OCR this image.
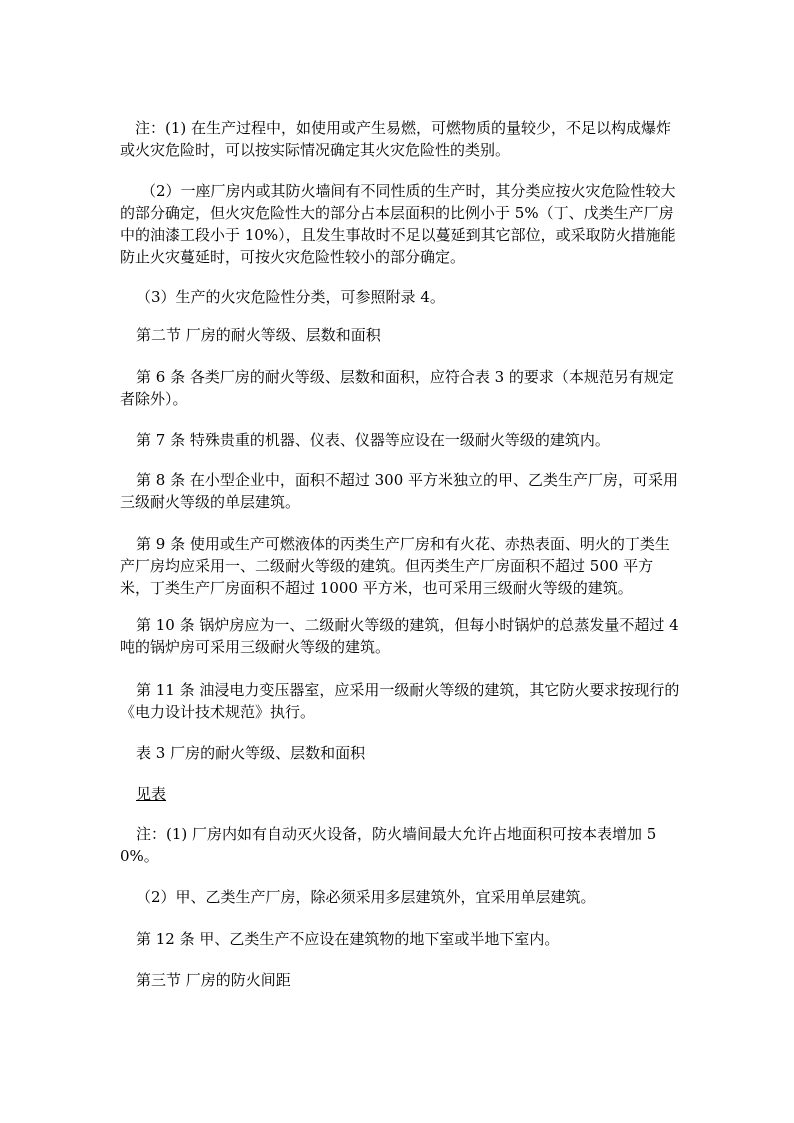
注：(1) 在生产过程中，如使用或产生易燃，可燃物质的量较少，不足以构成爆炸或火灾危险时，可以按实际情况确定其火灾危险性的类别。

（2）一座厂房内或其防火墙间有不同性质的生产时，其分类应按火灾危险性较大的部分确定，但火灾危险性大的部分占本层面积的比例小于 5%（丁、戊类生产厂房中的油漆工段小于 10%），且发生事故时不足以蔓延到其它部位，或采取防火措施能防止火灾蔓延时，可按火灾危险性较小的部分确定。

（3）生产的火灾危险性分类，可参照附录 4。

第二节 厂房的耐火等级、层数和面积

第 6 条 各类厂房的耐火等级、层数和面积，应符合表 3 的要求（本规范另有规定者除外）。

第 7 条 特殊贵重的机器、仪表、仪器等应设在一级耐火等级的建筑内。

第 8 条 在小型企业中，面积不超过 300 平方米独立的甲、乙类生产厂房，可采用三级耐火等级的单层建筑。

第 9 条 使用或生产可燃液体的丙类生产厂房和有火花、赤热表面、明火的丁类生产厂房均应采用一、二级耐火等级的建筑。但丙类生产厂房面积不超过 500 平方米，丁类生产厂房面积不超过 1000 平方米，也可采用三级耐火等级的建筑。

第 10 条 锅炉房应为一、二级耐火等级的建筑，但每小时锅炉的总蒸发量不超过 4 吨的锅炉房可采用三级耐火等级的建筑。

第 11 条 油浸电力变压器室，应采用一级耐火等级的建筑，其它防火要求按现行的《电力设计技术规范》执行。

表 3 厂房的耐火等级、层数和面积

见表

注：(1) 厂房内如有自动灭火设备，防火墙间最大允许占地面积可按本表增加 50%。

（2）甲、乙类生产厂房，除必须采用多层建筑外，宜采用单层建筑。

第 12 条 甲、乙类生产不应设在建筑物的地下室或半地下室内。

第三节 厂房的防火间距
